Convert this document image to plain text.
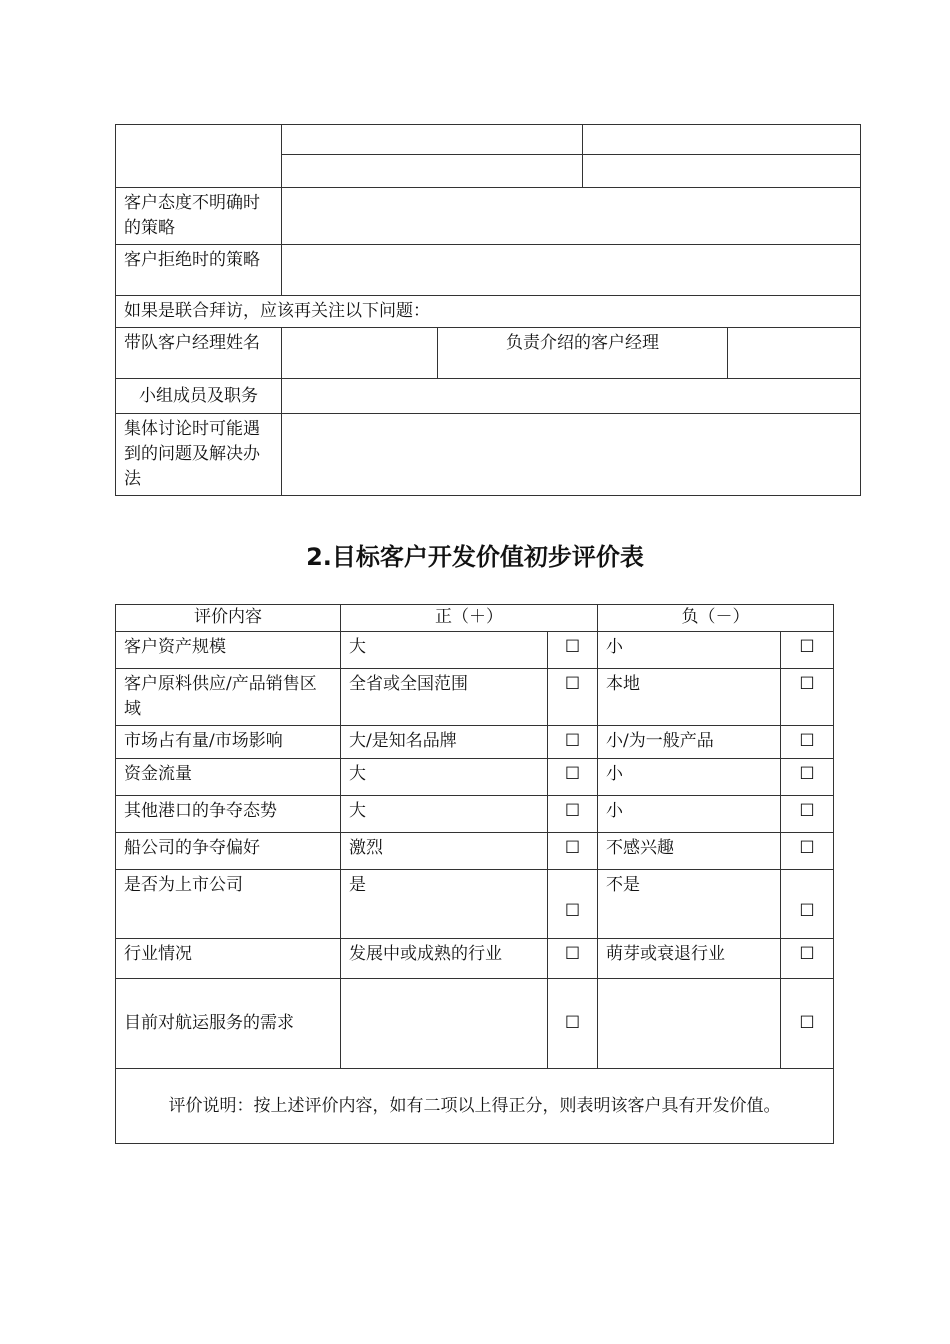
客户态度不明确时的策略				
客户拒绝时的策略				
如果是联合拜访，应该再关注以下问题：				
带队客户经理姓名		负责介绍的客户经理		
小组成员及职务				
集体讨论时可能遇到的问题及解决办法				
2.目标客户开发价值初步评价表
评价内容	正（＋）		负（－）	
客户资产规模	大	☐	小	☐
客户原料供应/产品销售区域	全省或全国范围	☐	本地	☐
市场占有量/市场影响	大/是知名品牌	☐	小/为一般产品	☐
资金流量	大	☐	小	☐
其他港口的争夺态势	大	☐	小	☐
船公司的争夺偏好	激烈	☐	不感兴趣	☐
是否为上市公司	是	☐	不是	☐
行业情况	发展中或成熟的行业	☐	萌芽或衰退行业	☐
目前对航运服务的需求		☐		☐
评价说明：按上述评价内容，如有二项以上得正分，则表明该客户具有开发价值。				
